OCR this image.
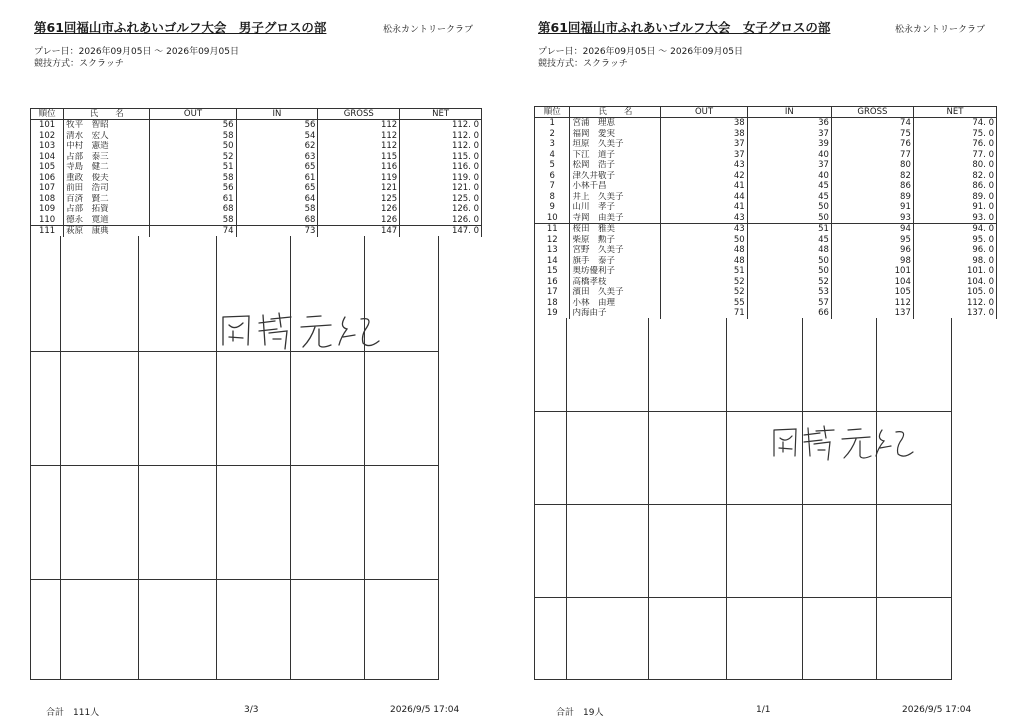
第61回福山市ふれあいゴルフ大会　男子グロスの部	松永カントリークラブ
プレー日：2026年09月05日 ～ 2026年09月05日
競技方式：スクラッチ
順位	氏　　名	OUT	IN	GROSS	NET
101	牧平　智昭	56	56	112	112. 0
102	清水　宏人	58	54	112	112. 0
103	中村　憲造	50	62	112	112. 0
104	占部　泰三	52	63	115	115. 0
105	寺島　健二	51	65	116	116. 0
106	重政　俊夫	58	61	119	119. 0
107	前田　浩司	56	65	121	121. 0
108	百済　賢二	61	64	125	125. 0
109	占部　拓資	68	58	126	126. 0
110	德永　寛道	58	68	126	126. 0
111	萩原　康典	74	73	147	147. 0
合計　111人	3/3	2026/9/5 17:04
第61回福山市ふれあいゴルフ大会　女子グロスの部	松永カントリークラブ
プレー日：2026年09月05日 ～ 2026年09月05日
競技方式：スクラッチ
順位	氏　　名	OUT	IN	GROSS	NET
1	宮浦　理恵	38	36	74	74. 0
2	福岡　愛実	38	37	75	75. 0
3	垣原　久美子	37	39	76	76. 0
4	下江　道子	37	40	77	77. 0
5	松岡　浩子	43	37	80	80. 0
6	津久井敬子	42	40	82	82. 0
7	小林千昌	41	45	86	86. 0
8	井上　久美子	44	45	89	89. 0
9	山川　孝子	41	50	91	91. 0
10	寺岡　由美子	43	50	93	93. 0
11	桜田　雅美	43	51	94	94. 0
12	柴原　勲子	50	45	95	95. 0
13	宮野　久美子	48	48	96	96. 0
14	旗手　泰子	48	50	98	98. 0
15	奥坊優利子	51	50	101	101. 0
16	高橋孝枝	52	52	104	104. 0
17	濱田　久美子	52	53	105	105. 0
18	小林　由理	55	57	112	112. 0
19	内海由子	71	66	137	137. 0
合計　19人	1/1	2026/9/5 17:04
